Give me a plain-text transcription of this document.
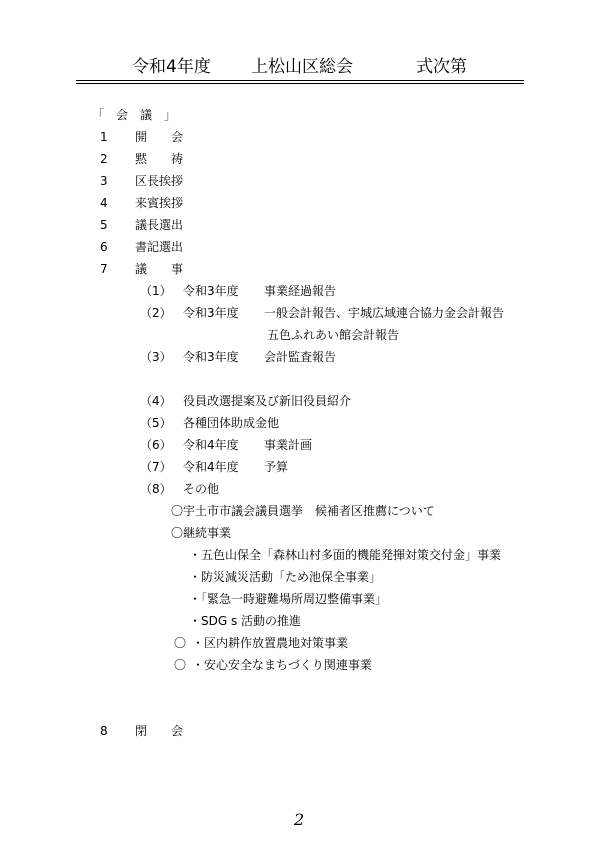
令和4年度 上松山区総会	式次第
「　会　議　」
1 開　　会
2 黙　　祷
3 区長挨拶
4 来賓挨拶
5 議長選出
6 書記選出
7 議　　事
（1） 令和3年度 事業経過報告
（2） 令和3年度 一般会計報告、宇城広域連合協力金会計報告
五色ふれあい館会計報告
（3） 令和3年度 会計監査報告
（4） 役員改選提案及び新旧役員紹介
（5） 各種団体助成金他
（6） 令和4年度 事業計画
（7） 令和4年度 予算
（8） その他
〇宇土市市議会議員選挙　候補者区推薦について
〇継続事業
・五色山保全「森林山村多面的機能発揮対策交付金」事業
・防災減災活動「ため池保全事業」
・「緊急一時避難場所周辺整備事業」
・SDG s 活動の推進
〇 ・区内耕作放置農地対策事業
〇 ・安心安全なまちづくり関連事業
8 閉　　会
2
